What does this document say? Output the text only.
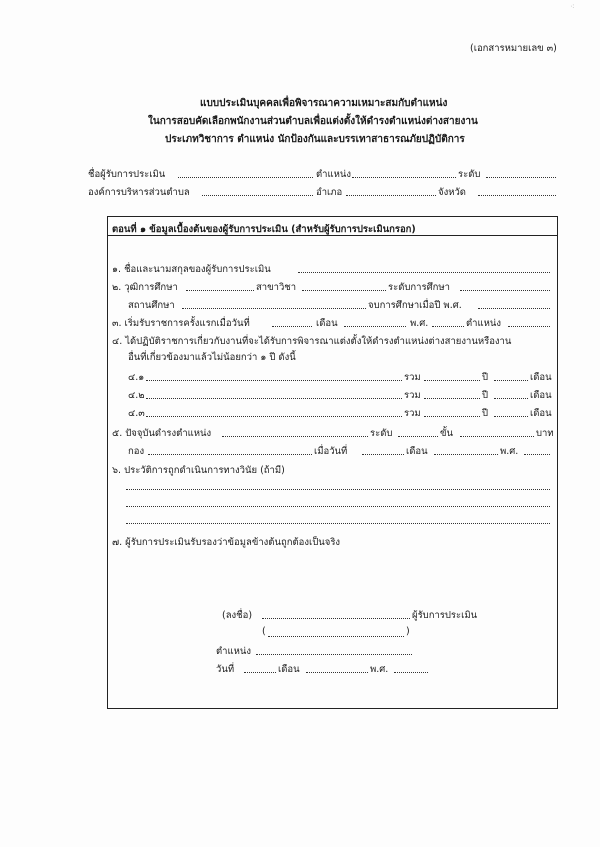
⁖
(เอกสารหมายเลข ๓)
แบบประเมินบุคคลเพื่อพิจารณาความเหมาะสมกับตำแหน่ง
ในการสอบคัดเลือกพนักงานส่วนตำบลเพื่อแต่งตั้งให้ดำรงตำแหน่งต่างสายงาน
ประเภทวิชาการ ตำแหน่ง นักป้องกันและบรรเทาสาธารณภัยปฏิบัติการ
ชื่อผู้รับการประเมิน	ตำแหน่ง	ระดับ
องค์การบริหารส่วนตำบล	อำเภอ	จังหวัด
ตอนที่ ๑ ข้อมูลเบื้องต้นของผู้รับการประเมิน (สำหรับผู้รับการประเมินกรอก)
๑. ชื่อและนามสกุลของผู้รับการประเมิน
๒. วุฒิการศึกษา	สาขาวิชา	ระดับการศึกษา
สถานศึกษา	จบการศึกษาเมื่อปี พ.ศ.
๓. เริ่มรับราชการครั้งแรกเมื่อวันที่	เดือน	พ.ศ.	ตำแหน่ง
๔. ได้ปฏิบัติราชการเกี่ยวกับงานที่จะได้รับการพิจารณาแต่งตั้งให้ดำรงตำแหน่งต่างสายงานหรืองาน
อื่นที่เกี่ยวข้องมาแล้วไม่น้อยกว่า ๑ ปี ดังนี้
๔.๑	รวม	ปี	เดือน
๔.๒	รวม	ปี	เดือน
๔.๓	รวม	ปี	เดือน
๕. ปัจจุบันดำรงตำแหน่ง	ระดับ	ขั้น	บาท
กอง	เมื่อวันที่	เดือน	พ.ศ.
๖. ประวัติการถูกดำเนินการทางวินัย (ถ้ามี)
๗. ผู้รับการประเมินรับรองว่าข้อมูลข้างต้นถูกต้องเป็นจริง
(ลงชื่อ)	ผู้รับการประเมิน
(	)
ตำแหน่ง
วันที่	เดือน	พ.ศ.
